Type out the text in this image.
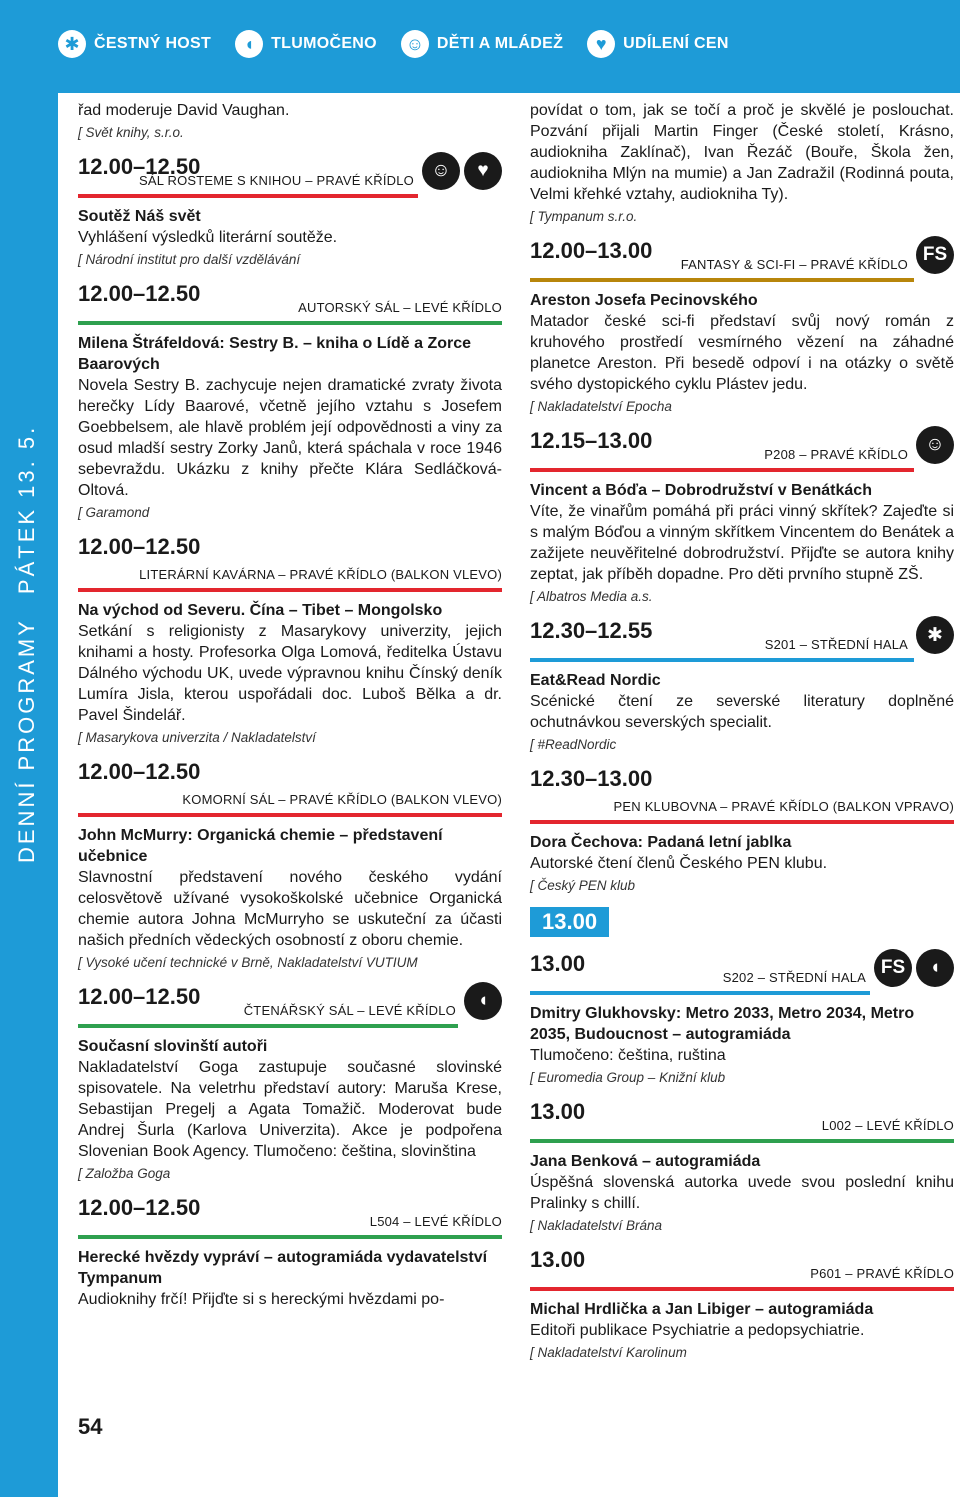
✱ ČESTNÝ HOST	◖	TLUMOČENO ☺ DĚTI A MLÁDEŽ	♥	UDÍLENÍ CEN
DENNÍ PROGRAMYPÁTEK 13. 5.
řad moderuje David Vaughan.
[ Svět knihy, s.r.o.
12.00–12.50
SÁL ROSTEME S KNIHOU – PRAVÉ KŘÍDLO ☺	♥
Soutěž Náš svět
Vyhlášení výsledků literární soutěže.
[ Národní institut pro další vzdělávání
12.00–12.50
AUTORSKÝ SÁL – LEVÉ KŘÍDLO
Milena Štráfeldová: Sestry B. – kniha o Lídě a Zorce Baarových
Novela Sestry B. zachycuje nejen dramatické zvraty života herečky Lídy Baarové, včetně jejího vztahu s Josefem Goebbelsem, ale hlavě problém její odpovědnosti a viny za osud mladší sestry Zorky Janů, která spáchala v roce 1946 sebevraždu. Ukázku z knihy přečte Klára Sedláčková-Oltová.
[ Garamond
12.00–12.50
LITERÁRNÍ KAVÁRNA – PRAVÉ KŘÍDLO (BALKON VLEVO)
Na východ od Severu. Čína – Tibet – Mongolsko
Setkání s religionisty z Masarykovy univerzity, jejich knihami a hosty. Profesorka Olga Lomová, ředitelka Ústavu Dálného východu UK, uvede výpravnou knihu Čínský deník Lumíra Jisla, kterou uspořádali doc. Luboš Bělka a dr. Pavel Šindelář.
[ Masarykova univerzita / Nakladatelství
12.00–12.50
KOMORNÍ SÁL – PRAVÉ KŘÍDLO (BALKON VLEVO)
John McMurry: Organická chemie – představení učebnice
Slavnostní představení nového českého vydání celosvětově užívané vysokoškolské učebnice Organická chemie autora Johna McMurryho se uskuteční za účasti našich předních vědeckých osobností z oboru chemie.
[ Vysoké učení technické v Brně, Nakladatelství VUTIUM
12.00–12.50
ČTENÁŘSKÝ SÁL – LEVÉ KŘÍDLO	◖
Současní slovinští autoři
Nakladatelství Goga zastupuje současné slovinské spisovatele. Na veletrhu představí autory: Maruša Krese, Sebastijan Pregelj a Agata Tomažič. Moderovat bude Andrej Šurla (Karlova Univerzita). Akce je podpořena Slovenian Book Agency. Tlumočeno: čeština, slovinština
[ Založba Goga
12.00–12.50
L504 – LEVÉ KŘÍDLO
Herecké hvězdy vypráví – autogramiáda vydavatelství Tympanum
Audioknihy frčí! Přijďte si s hereckými hvězdami po-
povídat o tom, jak se točí a proč je skvělé je poslouchat. Pozvání přijali Martin Finger (České století, Krásno, audiokniha Zaklínač), Ivan Řezáč (Bouře, Škola žen, audiokniha Mlýn na mumie) a Jan Zadražil (Rodinná pouta, Velmi křehké vztahy, audiokniha Ty).
[ Tympanum s.r.o.
12.00–13.00
FANTASY & SCI-FI – PRAVÉ KŘÍDLO FS
Areston Josefa Pecinovského
Matador české sci-fi představí svůj nový román z kruhového prostředí vesmírného vězení na záhadné planetce Areston. Při besedě odpoví i na otázky o světě svého dystopického cyklu Plástev jedu.
[ Nakladatelství Epocha
12.15–13.00
P208 – PRAVÉ KŘÍDLO ☺
Vincent a Bóďa – Dobrodružství v Benátkách
Víte, že vinařům pomáhá při práci vinný skřítek? Zajeďte si s malým Bóďou a vinným skřítkem Vincentem do Benátek a zažijete neuvěřitelné dobrodružství. Přijďte se autora knihy zeptat, jak příběh dopadne. Pro děti prvního stupně ZŠ.
[ Albatros Media a.s.
12.30–12.55
S201 – STŘEDNÍ HALA	✱
Eat&Read Nordic
Scénické čtení ze severské literatury doplněné ochutnávkou severských specialit.
[ #ReadNordic
12.30–13.00
PEN KLUBOVNA – PRAVÉ KŘÍDLO (BALKON VPRAVO)
Dora Čechova: Padaná letní jablka
Autorské čtení členů Českého PEN klubu.
[ Český PEN klub
13.00
13.00
S202 – STŘEDNÍ HALA FS	◖
Dmitry Glukhovsky: Metro 2033, Metro 2034, Metro 2035, Budoucnost – autogramiáda
Tlumočeno: čeština, ruština
[ Euromedia Group – Knižní klub
13.00
L002 – LEVÉ KŘÍDLO
Jana Benková – autogramiáda
Úspěšná slovenská autorka uvede svou poslední knihu Pralinky s chillí.
[ Nakladatelství Brána
13.00
P601 – PRAVÉ KŘÍDLO
Michal Hrdlička a Jan Libiger – autogramiáda
Editoři publikace Psychiatrie a pedopsychiatrie.
[ Nakladatelství Karolinum
54
